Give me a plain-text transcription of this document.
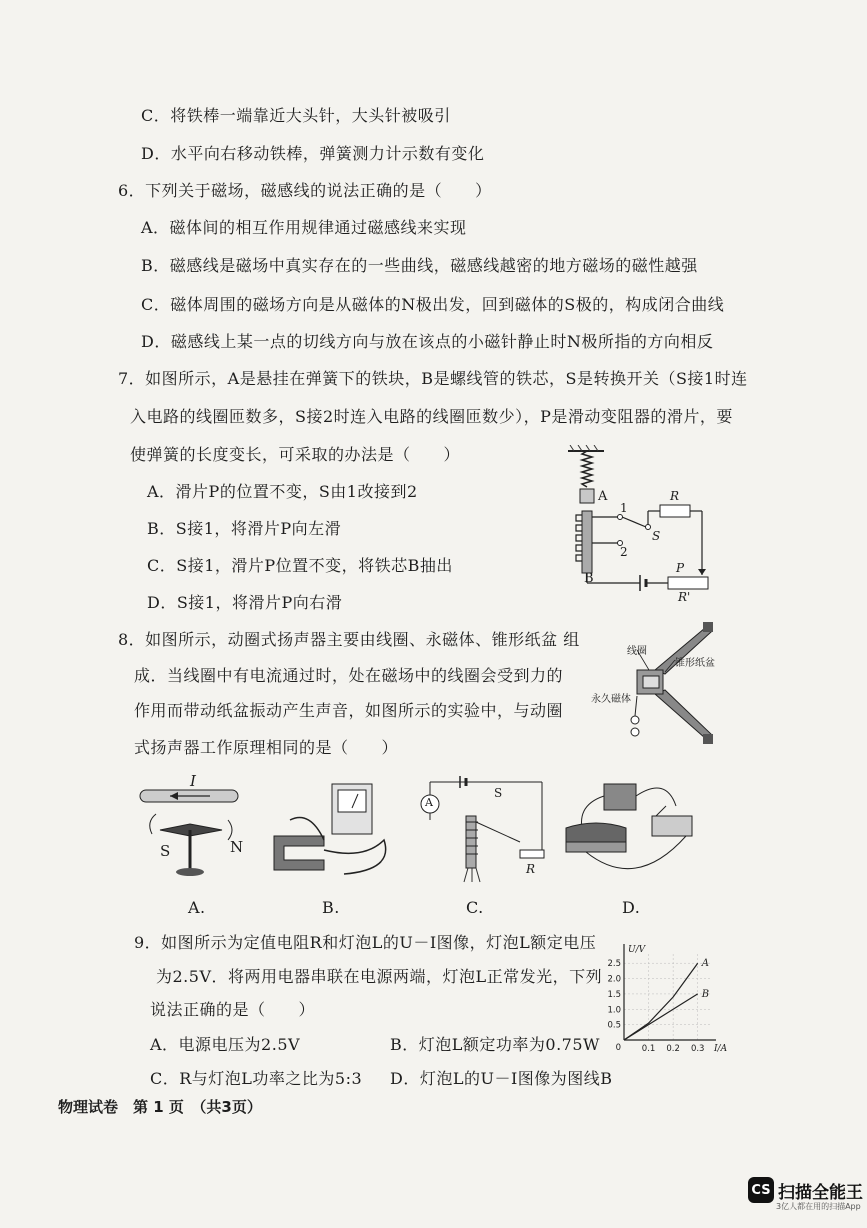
C．将铁棒一端靠近大头针，大头针被吸引
D．水平向右移动铁棒，弹簧测力计示数有变化
6．下列关于磁场，磁感线的说法正确的是（　　）
A．磁体间的相互作用规律通过磁感线来实现
B．磁感线是磁场中真实存在的一些曲线，磁感线越密的地方磁场的磁性越强
C．磁体周围的磁场方向是从磁体的N极出发，回到磁体的S极的，构成闭合曲线
D．磁感线上某一点的切线方向与放在该点的小磁针静止时N极所指的方向相反
7．如图所示，A是悬挂在弹簧下的铁块，B是螺线管的铁芯，S是转换开关（S接1时连
入电路的线圈匝数多，S接2时连入电路的线圈匝数少），P是滑动变阻器的滑片，要
使弹簧的长度变长，可采取的办法是（　　）
A．滑片P的位置不变，S由1改接到2
B．S接1，将滑片P向左滑
C．S接1，滑片P位置不变，将铁芯B抽出
D．S接1，将滑片P向右滑
A
B
1
2
S
R
P
R'
8．如图所示，动圈式扬声器主要由线圈、永磁体、锥形纸盆 组
成．当线圈中有电流通过时，处在磁场中的线圈会受到力的
作用而带动纸盆振动产生声音，如图所示的实验中，与动圈
式扬声器工作原理相同的是（　　）
线圈
锥形纸盆
永久磁体
I
S	N
A.	B.
A
S
R
C.	D.
9．如图所示为定值电阻R和灯泡L的U－I图像，灯泡L额定电压
为2.5V．将两用电器串联在电源两端，灯泡L正常发光，下列
说法正确的是（　　）
A．电源电压为2.5V	B．灯泡L额定功率为0.75W
C．R与灯泡L功率之比为5:3 D．灯泡L的U－I图像为图线B
A
B
0.5
1.0
1.5
2.0
2.5
0.1 0.2 0.3
0
U/V
I/A
物理试卷　第 1 页　（共3页）
CS 扫描全能王
3亿人都在用的扫描App
